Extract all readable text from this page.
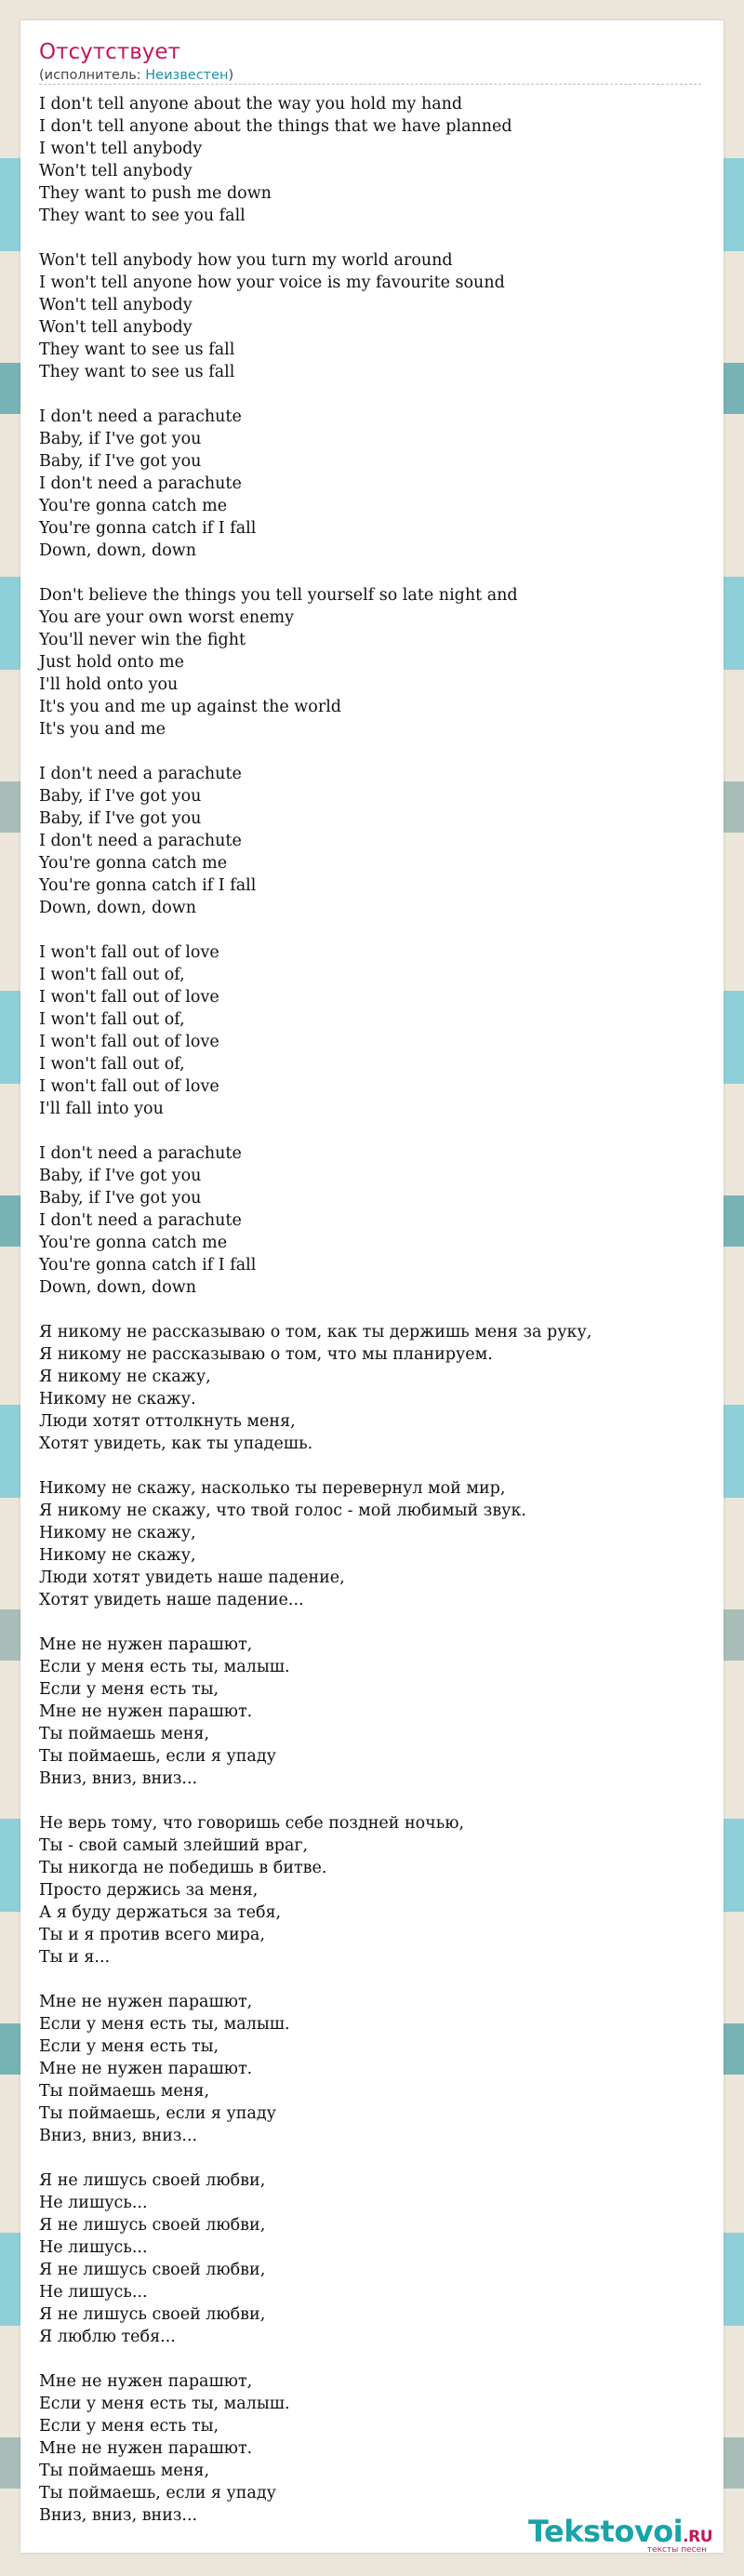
Отсутствует
(исполнитель: Неизвестен)
I don't tell anyone about the way you hold my hand
I don't tell anyone about the things that we have planned
I won't tell anybody
Won't tell anybody
They want to push me down
They want to see you fall

Won't tell anybody how you turn my world around
I won't tell anyone how your voice is my favourite sound
Won't tell anybody
Won't tell anybody
They want to see us fall
They want to see us fall

I don't need a parachute
Baby, if I've got you
Baby, if I've got you
I don't need a parachute
You're gonna catch me
You're gonna catch if I fall
Down, down, down

Don't believe the things you tell yourself so late night and
You are your own worst enemy
You'll never win the fight
Just hold onto me
I'll hold onto you
It's you and me up against the world
It's you and me

I don't need a parachute
Baby, if I've got you
Baby, if I've got you
I don't need a parachute
You're gonna catch me
You're gonna catch if I fall
Down, down, down

I won't fall out of love
I won't fall out of,
I won't fall out of love
I won't fall out of,
I won't fall out of love
I won't fall out of,
I won't fall out of love
I'll fall into you

I don't need a parachute
Baby, if I've got you
Baby, if I've got you
I don't need a parachute
You're gonna catch me
You're gonna catch if I fall
Down, down, down

Я никому не рассказываю о том, как ты держишь меня за руку,
Я никому не рассказываю о том, что мы планируем.
Я никому не скажу,
Никому не скажу.
Люди хотят оттолкнуть меня,
Хотят увидеть, как ты упадешь.

Никому не скажу, насколько ты перевернул мой мир,
Я никому не скажу, что твой голос - мой любимый звук.
Никому не скажу,
Никому не скажу,
Люди хотят увидеть наше падение,
Хотят увидеть наше падение...

Мне не нужен парашют,
Если у меня есть ты, малыш.
Если у меня есть ты,
Мне не нужен парашют.
Ты поймаешь меня,
Ты поймаешь, если я упаду
Вниз, вниз, вниз...

Не верь тому, что говоришь себе поздней ночью,
Ты - свой самый злейший враг,
Ты никогда не победишь в битве.
Просто держись за меня,
А я буду держаться за тебя,
Ты и я против всего мира,
Ты и я...

Мне не нужен парашют,
Если у меня есть ты, малыш.
Если у меня есть ты,
Мне не нужен парашют.
Ты поймаешь меня,
Ты поймаешь, если я упаду
Вниз, вниз, вниз...

Я не лишусь своей любви,
Не лишусь...
Я не лишусь своей любви,
Не лишусь...
Я не лишусь своей любви,
Не лишусь...
Я не лишусь своей любви,
Я люблю тебя...

Мне не нужен парашют,
Если у меня есть ты, малыш.
Если у меня есть ты,
Мне не нужен парашют.
Ты поймаешь меня,
Ты поймаешь, если я упаду
Вниз, вниз, вниз...	Tekstovoi.RU
тексты песен
